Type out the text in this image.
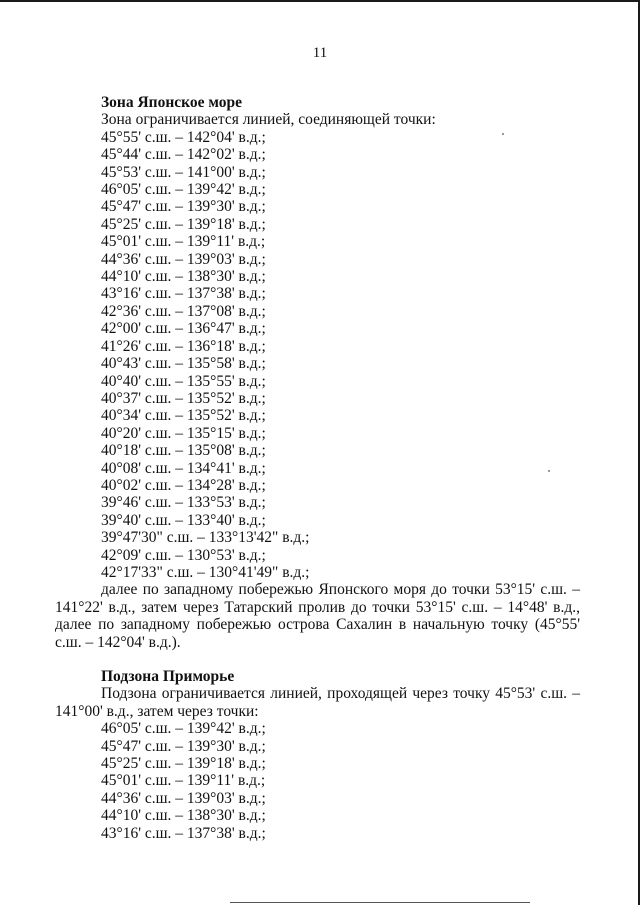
11
Зона Японское море
Зона ограничивается линией, соединяющей точки:
45°55' с.ш. – 142°04' в.д.;
45°44' с.ш. – 142°02' в.д.;
45°53' с.ш. – 141°00' в.д.;
46°05' с.ш. – 139°42' в.д.;
45°47' с.ш. – 139°30' в.д.;
45°25' с.ш. – 139°18' в.д.;
45°01' с.ш. – 139°11' в.д.;
44°36' с.ш. – 139°03' в.д.;
44°10' с.ш. – 138°30' в.д.;
43°16' с.ш. – 137°38' в.д.;
42°36' с.ш. – 137°08' в.д.;
42°00' с.ш. – 136°47' в.д.;
41°26' с.ш. – 136°18' в.д.;
40°43' с.ш. – 135°58' в.д.;
40°40' с.ш. – 135°55' в.д.;
40°37' с.ш. – 135°52' в.д.;
40°34' с.ш. – 135°52' в.д.;
40°20' с.ш. – 135°15' в.д.;
40°18' с.ш. – 135°08' в.д.;
40°08' с.ш. – 134°41' в.д.;
40°02' с.ш. – 134°28' в.д.;
39°46' с.ш. – 133°53' в.д.;
39°40' с.ш. – 133°40' в.д.;
39°47'30" с.ш. – 133°13'42" в.д.;
42°09' с.ш. – 130°53' в.д.;
42°17'33" с.ш. – 130°41'49" в.д.;

далее по западному побережью Японского моря до точки 53°15' с.ш. – 141°22' в.д., затем через Татарский пролив до точки 53°15' с.ш. – 14°48' в.д., далее по западному побережью острова Сахалин в начальную точку (45°55' с.ш. – 142°04' в.д.).

Подзона Приморье

Подзона ограничивается линией, проходящей через точку 45°53' с.ш. – 141°00' в.д., затем через точки:

46°05' с.ш. – 139°42' в.д.;
45°47' с.ш. – 139°30' в.д.;
45°25' с.ш. – 139°18' в.д.;
45°01' с.ш. – 139°11' в.д.;
44°36' с.ш. – 139°03' в.д.;
44°10' с.ш. – 138°30' в.д.;
43°16' с.ш. – 137°38' в.д.;
